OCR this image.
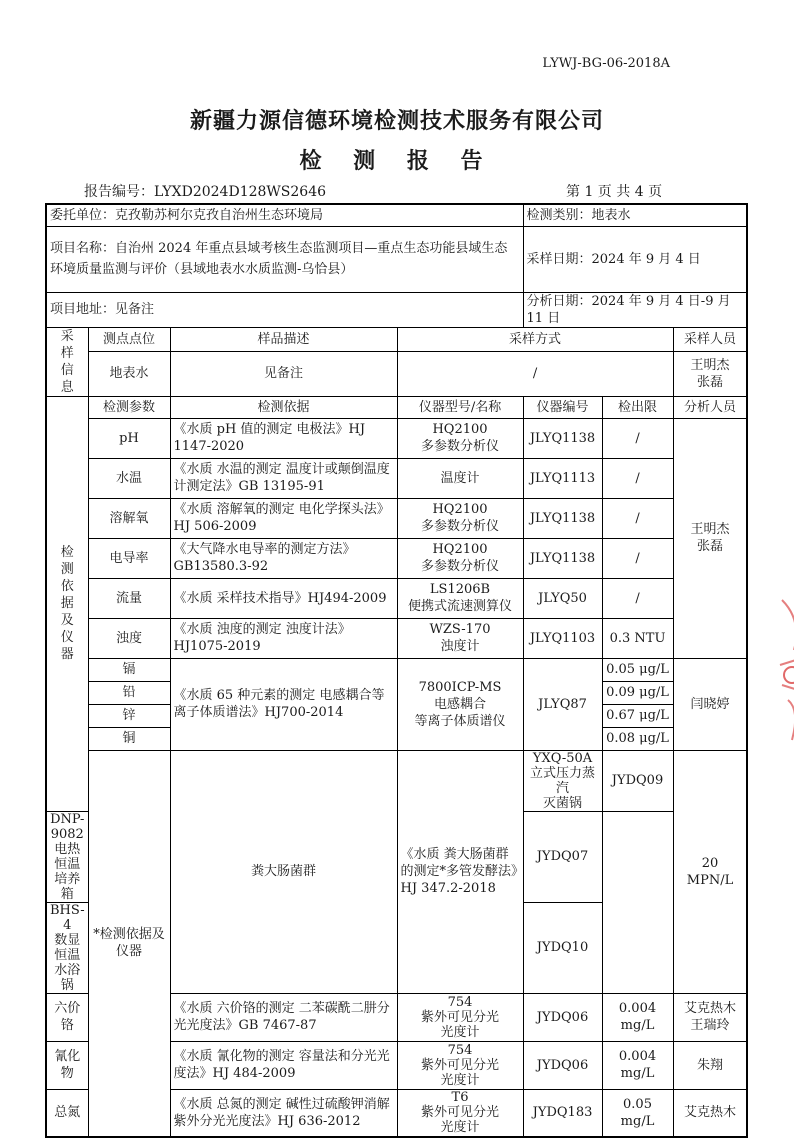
LYWJ-BG-06-2018A
新疆力源信德环境检测技术服务有限公司
检 测 报 告
报告编号：LYXD2024D128WS2646	第 1 页 共 4 页
委托单位：克孜勒苏柯尔克孜自治州生态环境局				检测类别：地表水			
项目名称：自治州 2024 年重点县域考核生态监测项目—重点生态功能县域生态环境质量监测与评价（县域地表水水质监测-乌恰县）				采样日期：2024 年 9 月 4 日			
项目地址：见备注				分析日期：2024 年 9 月 4 日-9 月 11 日			
采样信息	测点点位	样品描述	采样方式			采样人员	
	地表水	见备注	/			王明杰
张磊	
检测依据及仪器	检测参数	检测依据	仪器型号/名称	仪器编号	检出限	分析人员	
	pH	《水质 pH 值的测定 电极法》HJ 1147-2020	HQ2100
多参数分析仪	JLYQ1138	/	王明杰
张磊	
	水温	《水质 水温的测定 温度计或颠倒温度计测定法》GB 13195-91	温度计	JLYQ1113	/		
	溶解氧	《水质 溶解氧的测定 电化学探头法》HJ 506-2009	HQ2100
多参数分析仪	JLYQ1138	/		
	电导率	《大气降水电导率的测定方法》GB13580.3-92	HQ2100
多参数分析仪	JLYQ1138	/		
	流量	《水质 采样技术指导》HJ494-2009	LS1206B
便携式流速测算仪	JLYQ50	/		
	浊度	《水质 浊度的测定 浊度计法》HJ1075-2019	WZS-170
浊度计	JLYQ1103	0.3 NTU		
	镉	《水质 65 种元素的测定 电感耦合等离子体质谱法》HJ700-2014	7800ICP-MS
电感耦合
等离子体质谱仪	JLYQ87	0.05 μg/L	闫晓婷	
	铅				0.09 μg/L		
	锌				0.67 μg/L		
	铜				0.08 μg/L		
	*检测依据及仪器	粪大肠菌群	《水质 粪大肠菌群的测定*多管发酵法》HJ 347.2-2018	YXQ-50A
立式压力蒸汽
灭菌锅	JYDQ09	20
MPN/L	
DNP-9082
电热恒温培养箱				JYDQ07			
BHS-4
数显恒温水浴锅				JYDQ10			
六价铬		《水质 六价铬的测定 二苯碳酰二肼分光光度法》GB 7467-87	754
紫外可见分光
光度计	JYDQ06	0.004
mg/L	艾克热木
王瑞玲	
氰化物		《水质 氰化物的测定 容量法和分光光度法》HJ 484-2009	754
紫外可见分光
光度计	JYDQ06	0.004
mg/L	朱翔	
总氮		《水质 总氮的测定 碱性过硫酸钾消解紫外分光光度法》HJ 636-2012	T6
紫外可见分光
光度计	JYDQ183	0.05
mg/L	艾克热木	
